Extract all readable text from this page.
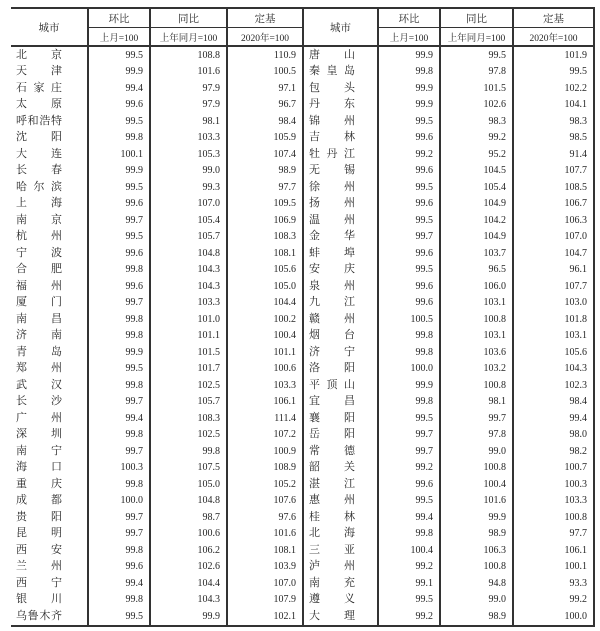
城市	环比	同比	定基	城市	环比	同比	定基
	上月=100	上年同月=100	2020年=100		上月=100	上年同月=100	2020年=100

北 京	99.5	108.8	110.9	唐 山	99.9	99.5	101.9

天 津	99.9	101.6	100.5	秦 皇 岛	99.8	97.8	99.5

石 家 庄	99.4	97.9	97.1	包 头	99.9	101.5	102.2

太 原	99.6	97.9	96.7	丹 东	99.9	102.6	104.1

呼 和 浩 特	99.5	98.1	98.4	锦 州	99.5	98.3	98.3

沈 阳	99.8	103.3	105.9	吉 林	99.6	99.2	98.5

大 连	100.1	105.3	107.4	牡 丹 江	99.2	95.2	91.4

长 春	99.9	99.0	98.9	无 锡	99.6	104.5	107.7

哈 尔 滨	99.5	99.3	97.7	徐 州	99.5	105.4	108.5

上 海	99.6	107.0	109.5	扬 州	99.6	104.9	106.7

南 京	99.7	105.4	106.9	温 州	99.5	104.2	106.3

杭 州	99.5	105.7	108.3	金 华	99.7	104.9	107.0

宁 波	99.6	104.8	108.1	蚌 埠	99.6	103.7	104.7

合 肥	99.8	104.3	105.6	安 庆	99.5	96.5	96.1

福 州	99.6	104.3	105.0	泉 州	99.6	106.0	107.7

厦 门	99.7	103.3	104.4	九 江	99.6	103.1	103.0

南 昌	99.8	101.0	100.2	赣 州	100.5	100.8	101.8

济 南	99.8	101.1	100.4	烟 台	99.8	103.1	103.1

青 岛	99.9	101.5	101.1	济 宁	99.8	103.6	105.6

郑 州	99.5	101.7	100.6	洛 阳	100.0	103.2	104.3

武 汉	99.8	102.5	103.3	平 顶 山	99.9	100.8	102.3

长 沙	99.7	105.7	106.1	宜 昌	99.8	98.1	98.4

广 州	99.4	108.3	111.4	襄 阳	99.5	99.7	99.4

深 圳	99.8	102.5	107.2	岳 阳	99.7	97.8	98.0

南 宁	99.7	99.8	100.9	常 德	99.7	99.0	98.2

海 口	100.3	107.5	108.9	韶 关	99.2	100.8	100.7

重 庆	99.8	105.0	105.2	湛 江	99.6	100.4	100.3

成 都	100.0	104.8	107.6	惠 州	99.5	101.6	103.3

贵 阳	99.7	98.7	97.6	桂 林	99.4	99.9	100.8

昆 明	99.7	100.6	101.6	北 海	99.8	98.9	97.7

西 安	99.8	106.2	108.1	三 亚	100.4	106.3	106.1

兰 州	99.6	102.6	103.9	泸 州	99.2	100.8	100.1

西 宁	99.4	104.4	107.0	南 充	99.1	94.8	93.3

银 川	99.8	104.3	107.9	遵 义	99.5	99.0	99.2

乌 鲁 木 齐	99.5	99.9	102.1	大 理	99.2	98.9	100.0
